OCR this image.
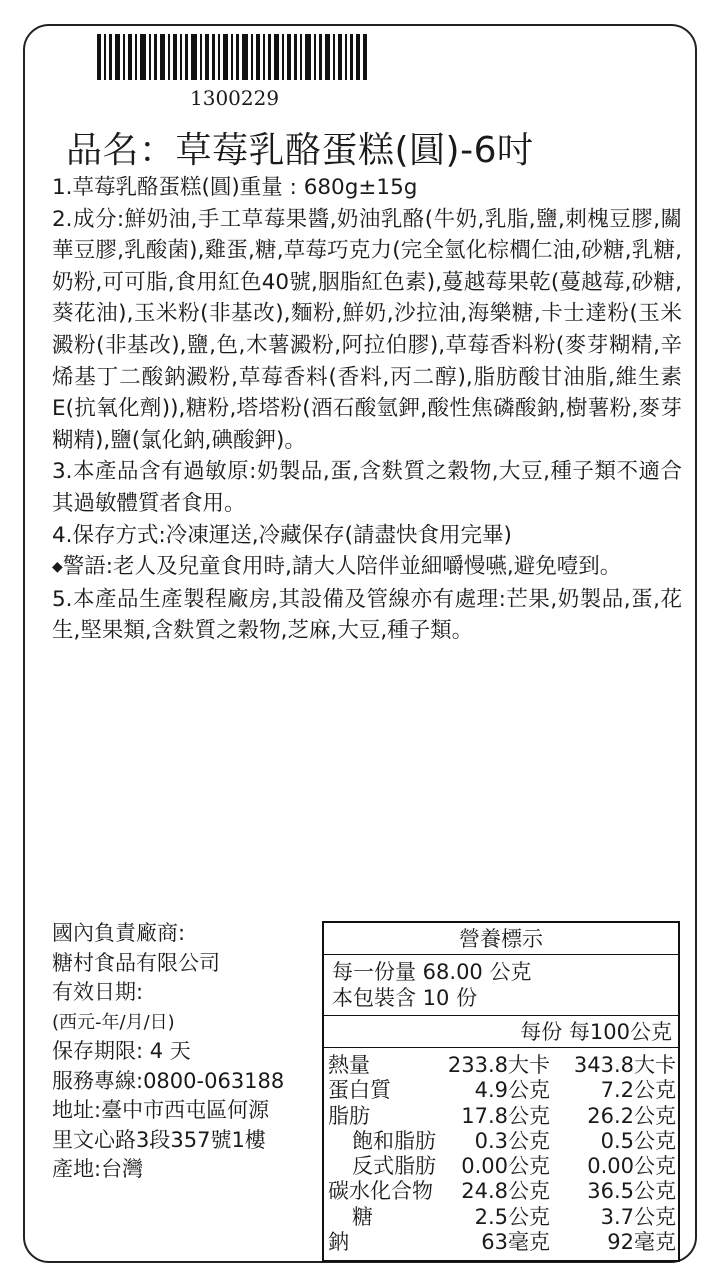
1300229
品名：草莓乳酪蛋糕(圓)-6吋

1.草莓乳酪蛋糕(圓)重量 : 680g±15g

2.成分:鮮奶油,手工草莓果醬,奶油乳酪(牛奶,乳脂,鹽,刺槐豆膠,關華豆膠,乳酸菌),雞蛋,糖,草莓巧克力(完全氫化棕櫚仁油,砂糖,乳糖,奶粉,可可脂,食用紅色40號,胭脂紅色素),蔓越莓果乾(蔓越莓,砂糖,葵花油),玉米粉(非基改),麵粉,鮮奶,沙拉油,海樂糖,卡士達粉(玉米澱粉(非基改),鹽,色,木薯澱粉,阿拉伯膠),草莓香料粉(麥芽糊精,辛烯基丁二酸鈉澱粉,草莓香料(香料,丙二醇),脂肪酸甘油脂,維生素E(抗氧化劑)),糖粉,塔塔粉(酒石酸氫鉀,酸性焦磷酸鈉,樹薯粉,麥芽糊精),鹽(氯化鈉,碘酸鉀)。

3.本產品含有過敏原:奶製品,蛋,含麩質之穀物,大豆,種子類不適合其過敏體質者食用。

4.保存方式:冷凍運送,冷藏保存(請盡快食用完畢)

◆警語:老人及兒童食用時,請大人陪伴並細嚼慢嚥,避免噎到。

5.本產品生產製程廠房,其設備及管線亦有處理:芒果,奶製品,蛋,花生,堅果類,含麩質之穀物,芝麻,大豆,種子類。

國內負責廠商:
糖村食品有限公司
有效日期:
(西元-年/月/日)
保存期限: 4 天
服務專線:0800-063188
地址:臺中市西屯區何源
里文心路3段357號1樓
產地:台灣
營養標示
每一份量 68.00 公克
本包裝含 10 份
每份 每100公克
熱量	233.8大卡 343.8大卡
蛋白質	4.9公克 7.2公克
脂肪	17.8公克 26.2公克
飽和脂肪 0.3公克 0.5公克
反式脂肪 0.00公克 0.00公克
碳水化合物 24.8公克 36.5公克
糖	2.5公克 3.7公克
鈉	63毫克	92毫克
